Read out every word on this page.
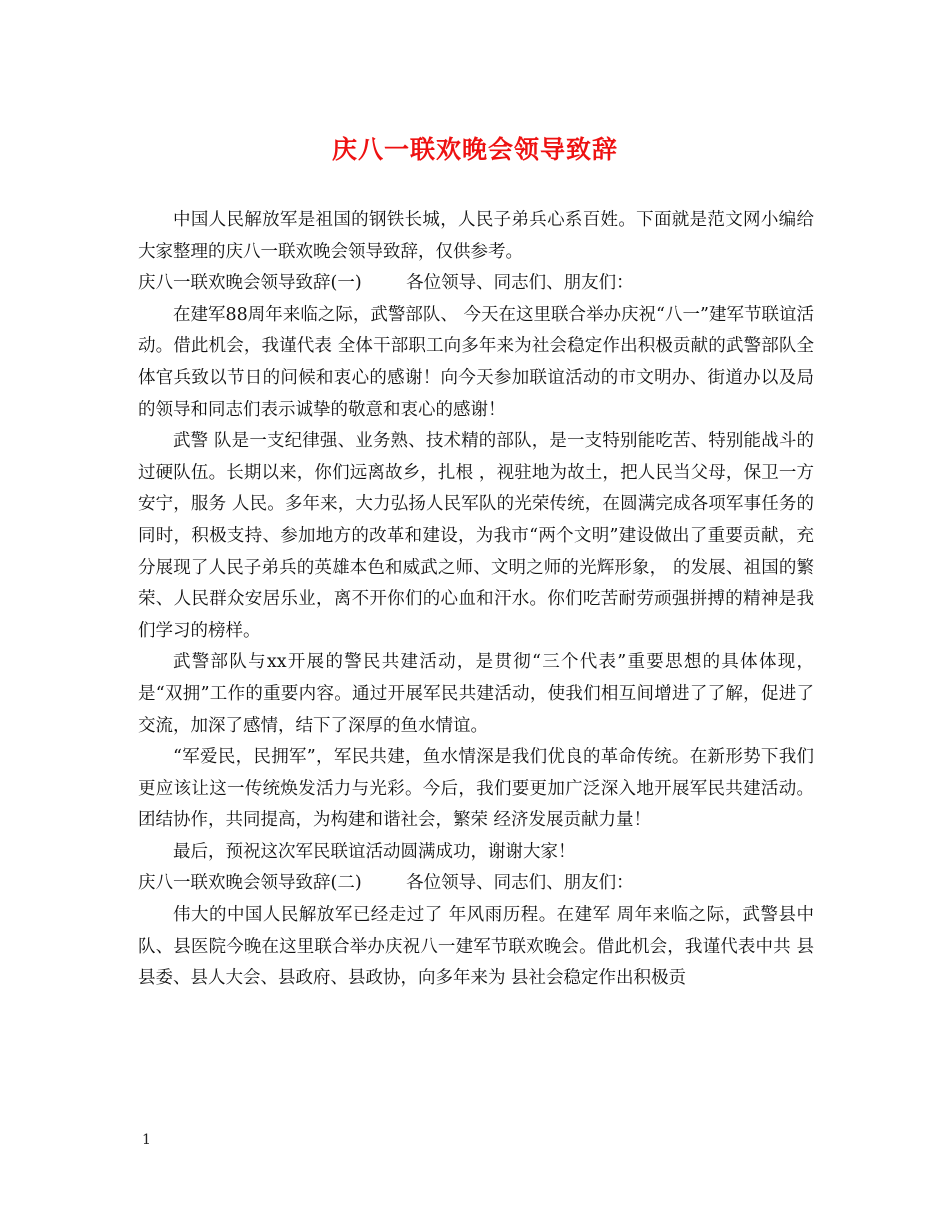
庆八一联欢晚会领导致辞

中国人民解放军是祖国的钢铁长城，人民子弟兵心系百姓。下面就是范文网小编给大家整理的庆八一联欢晚会领导致辞，仅供参考。

庆八一联欢晚会领导致辞(一)        各位领导、同志们、朋友们：

在建军88周年来临之际，武警部队、 今天在这里联合举办庆祝“八一”建军节联谊活动。借此机会，我谨代表 全体干部职工向多年来为社会稳定作出积极贡献的武警部队全体官兵致以节日的问候和衷心的感谢！向今天参加联谊活动的市文明办、街道办以及局的领导和同志们表示诚挚的敬意和衷心的感谢！

武警 队是一支纪律强、业务熟、技术精的部队，是一支特别能吃苦、特别能战斗的过硬队伍。长期以来，你们远离故乡，扎根 ，视驻地为故土，把人民当父母，保卫一方安宁，服务 人民。多年来，大力弘扬人民军队的光荣传统，在圆满完成各项军事任务的同时，积极支持、参加地方的改革和建设，为我市“两个文明”建设做出了重要贡献，充分展现了人民子弟兵的英雄本色和威武之师、文明之师的光辉形象， 的发展、祖国的繁荣、人民群众安居乐业，离不开你们的心血和汗水。你们吃苦耐劳顽强拼搏的精神是我们学习的榜样。

武警部队与xx开展的警民共建活动，是贯彻“三个代表”重要思想的具体体现，是“双拥”工作的重要内容。通过开展军民共建活动，使我们相互间增进了了解，促进了交流，加深了感情，结下了深厚的鱼水情谊。

“军爱民，民拥军”，军民共建，鱼水情深是我们优良的革命传统。在新形势下我们更应该让这一传统焕发活力与光彩。今后，我们要更加广泛深入地开展军民共建活动。团结协作，共同提高，为构建和谐社会，繁荣 经济发展贡献力量！

最后，预祝这次军民联谊活动圆满成功，谢谢大家！

庆八一联欢晚会领导致辞(二)        各位领导、同志们、朋友们：

伟大的中国人民解放军已经走过了 年风雨历程。在建军 周年来临之际，武警县中队、县医院今晚在这里联合举办庆祝八一建军节联欢晚会。借此机会，我谨代表中共 县县委、县人大会、县政府、县政协，向多年来为 县社会稳定作出积极贡

1
